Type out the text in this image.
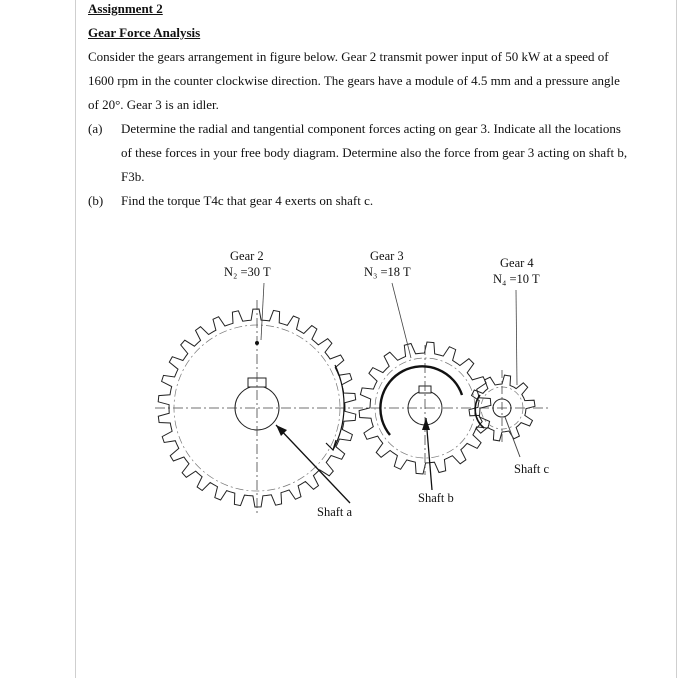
Assignment 2
Gear Force Analysis
Consider the gears arrangement in figure below. Gear 2 transmit power input of 50 kW at a speed of 1600 rpm in the counter clockwise direction. The gears have a module of 4.5 mm and a pressure angle of 20°. Gear 3 is an idler.
(a)	Determine the radial and tangential component forces acting on gear 3. Indicate all the locations of these forces in your free body diagram. Determine also the force from gear 3 acting on shaft b, F3b.
(b)	Find the torque T4c that gear 4 exerts on shaft c.
Gear 2
N₂ =30 T
Gear 3
N₃ =18 T
Gear 4
N₄ =10 T
Shaft a
Shaft b
Shaft c
